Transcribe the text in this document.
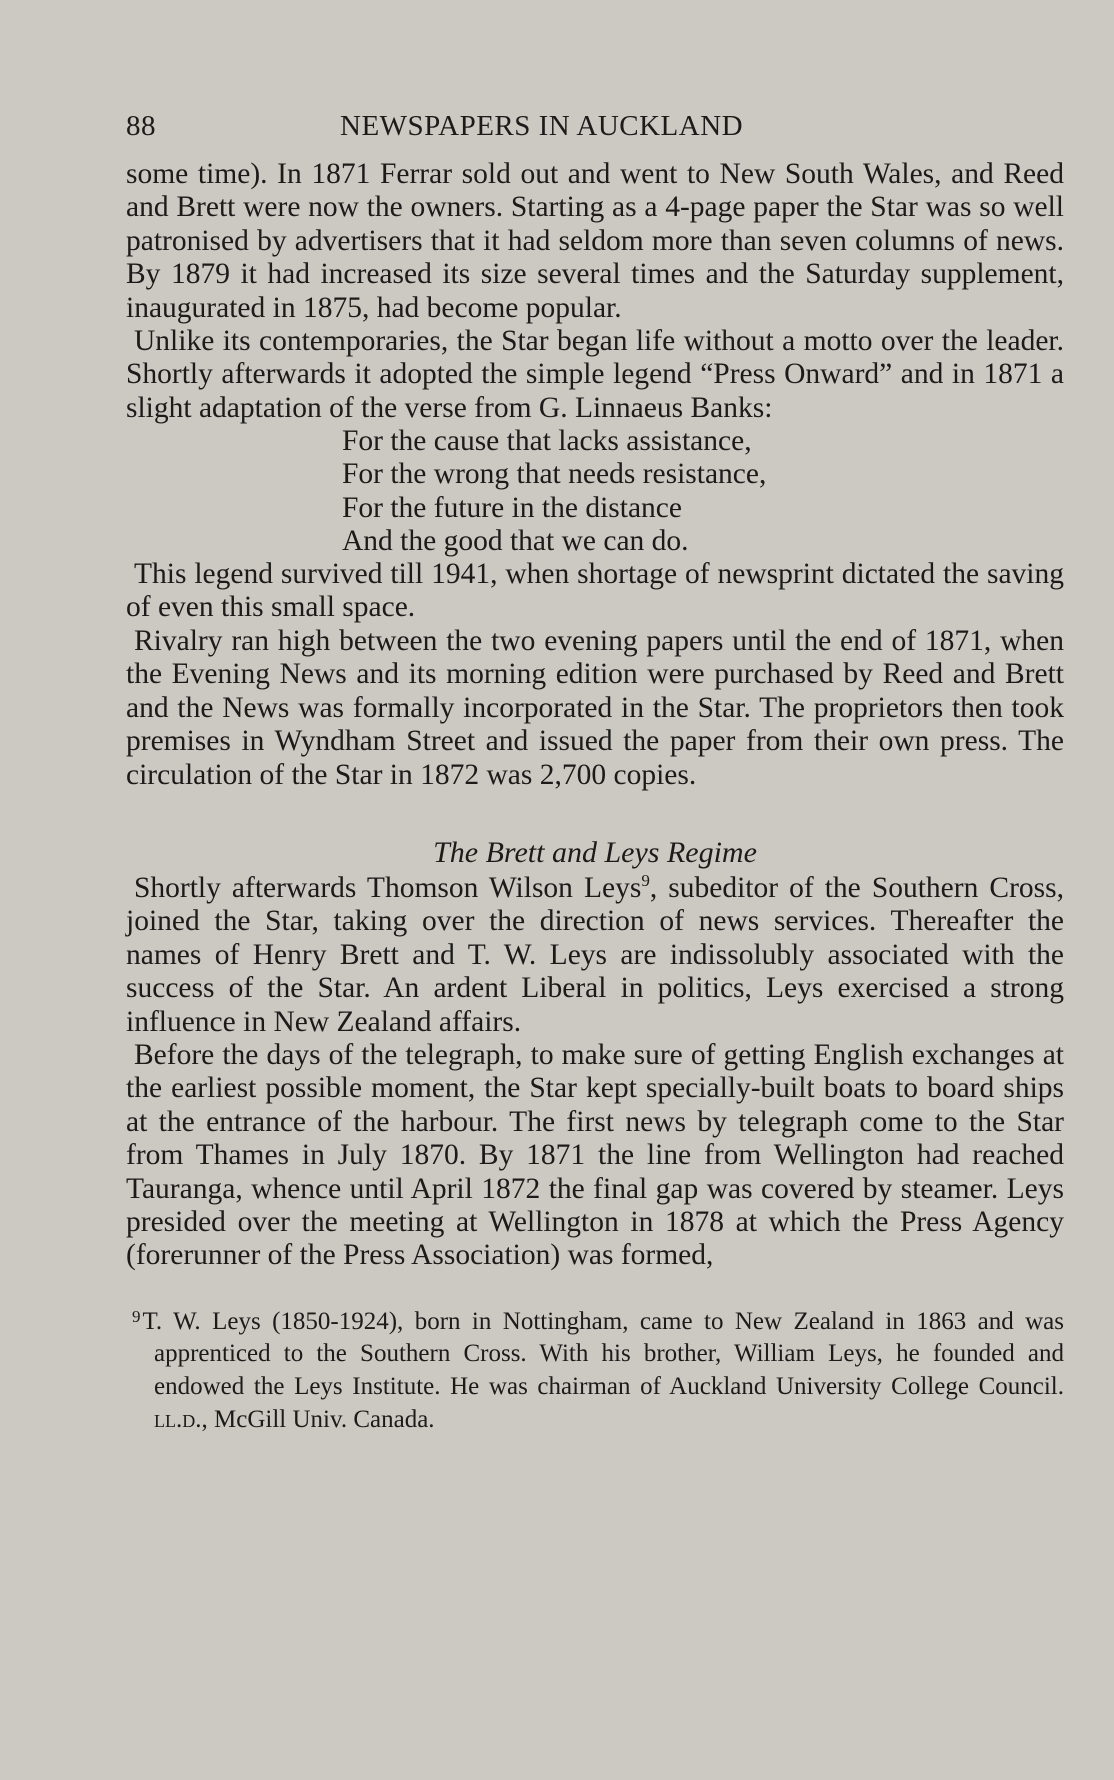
88	NEWSPAPERS IN AUCKLAND

some time). In 1871 Ferrar sold out and went to New South Wales, and Reed and Brett were now the owners. Starting as a 4-page paper the Star was so well patronised by advertisers that it had seldom more than seven columns of news. By 1879 it had increased its size several times and the Saturday supplement, inaugurated in 1875, had become popular.

Unlike its contemporaries, the Star began life without a motto over the leader. Shortly afterwards it adopted the simple legend “Press Onward” and in 1871 a slight adaptation of the verse from G. Linnaeus Banks:

For the cause that lacks assistance,
For the wrong that needs resistance,
For the future in the distance
And the good that we can do.

This legend survived till 1941, when shortage of newsprint dictated the saving of even this small space.

Rivalry ran high between the two evening papers until the end of 1871, when the Evening News and its morning edition were purchased by Reed and Brett and the News was formally incorporated in the Star. The proprietors then took premises in Wyndham Street and issued the paper from their own press. The circulation of the Star in 1872 was 2,700 copies.

The Brett and Leys Regime

Shortly afterwards Thomson Wilson Leys$^9$, subeditor of the Southern Cross, joined the Star, taking over the direction of news services. Thereafter the names of Henry Brett and T. W. Leys are indissolubly associated with the success of the Star. An ardent Liberal in politics, Leys exercised a strong influence in New Zealand affairs.

Before the days of the telegraph, to make sure of getting English exchanges at the earliest possible moment, the Star kept specially-built boats to board ships at the entrance of the harbour. The first news by telegraph come to the Star from Thames in July 1870. By 1871 the line from Wellington had reached Tauranga, whence until April 1872 the final gap was covered by steamer. Leys presided over the meeting at Wellington in 1878 at which the Press Agency (forerunner of the Press Association) was formed,

$^9$T. W. Leys (1850-1924), born in Nottingham, came to New Zealand in 1863 and was apprenticed to the Southern Cross. With his brother, William Leys, he founded and endowed the Leys Institute. He was chairman of Auckland University College Council. ll.d., McGill Univ. Canada.
